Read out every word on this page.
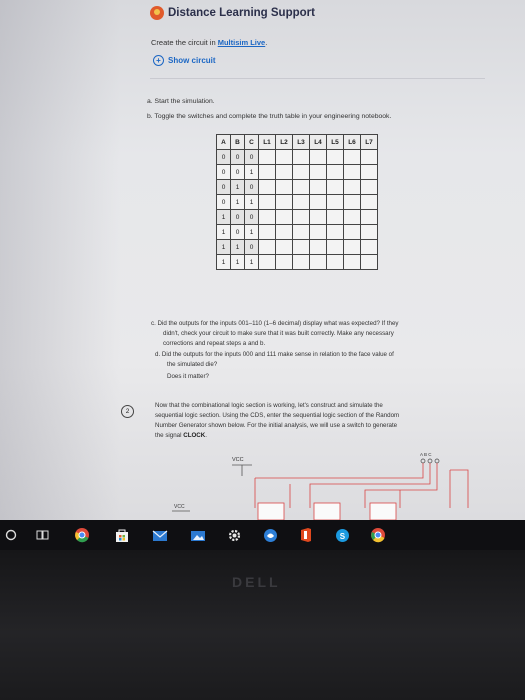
Distance Learning Support
Create the circuit in Multisim Live.
+ Show circuit
a. Start the simulation.
b. Toggle the switches and complete the truth table in your engineering notebook.
A	B	C	L1	L2	L3	L4	L5	L6	L7
0	0	0							
0	0	1							
0	1	0							
0	1	1							
1	0	0							
1	0	1							
1	1	0							
1	1	1							
c. Did the outputs for the inputs 001–110 (1–6 decimal) display what was expected? If they
didn't, check your circuit to make sure that it was built correctly. Make any necessary
corrections and repeat steps a and b.
d. Did the outputs for the inputs 000 and 111 make sense in relation to the face value of
the simulated die?
Does it matter?
2
Now that the combinational logic section is working, let's construct and simulate the
sequential logic section. Using the CDS, enter the sequential logic section of the Random
Number Generator shown below. For the initial analysis, we will use a switch to generate
the signal CLOCK.
VCC
VCC
A B C
S
DELL
